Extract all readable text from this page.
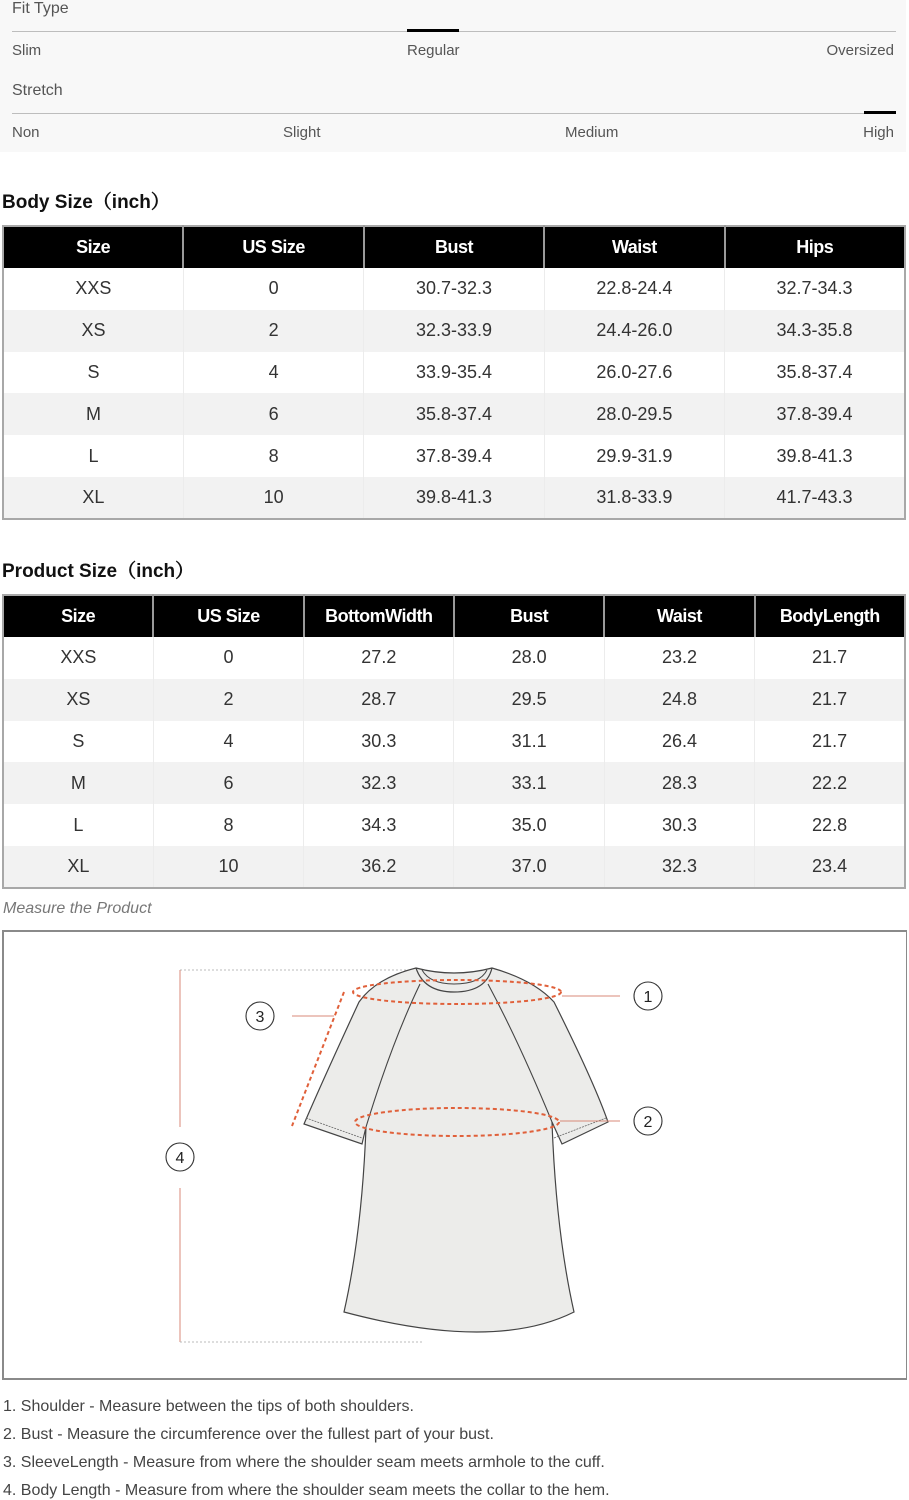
Fit Type
Slim	Regular	Oversized
Stretch
Non	Slight	Medium	High
Body Size（inch）
Size	US Size	Bust	Waist	Hips
XXS	0	30.7-32.3	22.8-24.4	32.7-34.3
XS	2	32.3-33.9	24.4-26.0	34.3-35.8
S	4	33.9-35.4	26.0-27.6	35.8-37.4
M	6	35.8-37.4	28.0-29.5	37.8-39.4
L	8	37.8-39.4	29.9-31.9	39.8-41.3
XL	10	39.8-41.3	31.8-33.9	41.7-43.3
Product Size（inch）
Size	US Size	BottomWidth	Bust	Waist	BodyLength
XXS	0	27.2	28.0	23.2	21.7
XS	2	28.7	29.5	24.8	21.7
S	4	30.3	31.1	26.4	21.7
M	6	32.3	33.1	28.3	22.2
L	8	34.3	35.0	30.3	22.8
XL	10	36.2	37.0	32.3	23.4
Measure the Product
1
2
3
4
1. Shoulder - Measure between the tips of both shoulders.
2. Bust - Measure the circumference over the fullest part of your bust.
3. SleeveLength - Measure from where the shoulder seam meets armhole to the cuff.
4. Body Length - Measure from where the shoulder seam meets the collar to the hem.
